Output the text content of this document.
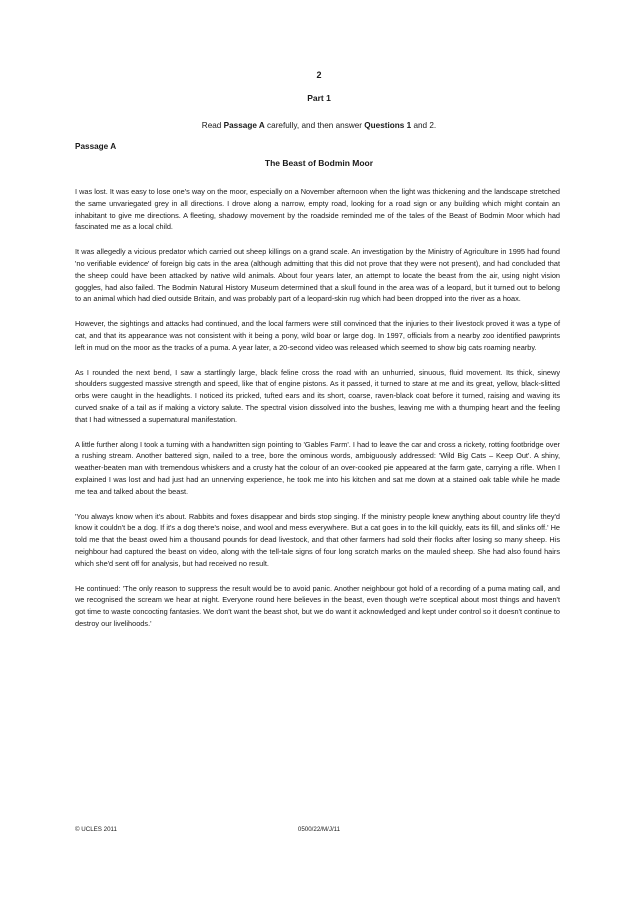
2
Part 1
Read Passage A carefully, and then answer Questions 1 and 2.
Passage A
The Beast of Bodmin Moor

I was lost. It was easy to lose one's way on the moor, especially on a November afternoon when the light was thickening and the landscape stretched the same unvariegated grey in all directions. I drove along a narrow, empty road, looking for a road sign or any building which might contain an inhabitant to give me directions. A fleeting, shadowy movement by the roadside reminded me of the tales of the Beast of Bodmin Moor which had fascinated me as a local child.

It was allegedly a vicious predator which carried out sheep killings on a grand scale. An investigation by the Ministry of Agriculture in 1995 had found 'no verifiable evidence' of foreign big cats in the area (although admitting that this did not prove that they were not present), and had concluded that the sheep could have been attacked by native wild animals. About four years later, an attempt to locate the beast from the air, using night vision goggles, had also failed. The Bodmin Natural History Museum determined that a skull found in the area was of a leopard, but it turned out to belong to an animal which had died outside Britain, and was probably part of a leopard-skin rug which had been dropped into the river as a hoax.

However, the sightings and attacks had continued, and the local farmers were still convinced that the injuries to their livestock proved it was a type of cat, and that its appearance was not consistent with it being a pony, wild boar or large dog. In 1997, officials from a nearby zoo identified pawprints left in mud on the moor as the tracks of a puma. A year later, a 20-second video was released which seemed to show big cats roaming nearby.

As I rounded the next bend, I saw a startlingly large, black feline cross the road with an unhurried, sinuous, fluid movement. Its thick, sinewy shoulders suggested massive strength and speed, like that of engine pistons. As it passed, it turned to stare at me and its great, yellow, black-slitted orbs were caught in the headlights. I noticed its pricked, tufted ears and its short, coarse, raven-black coat before it turned, raising and waving its curved snake of a tail as if making a victory salute. The spectral vision dissolved into the bushes, leaving me with a thumping heart and the feeling that I had witnessed a supernatural manifestation.

A little further along I took a turning with a handwritten sign pointing to 'Gables Farm'. I had to leave the car and cross a rickety, rotting footbridge over a rushing stream. Another battered sign, nailed to a tree, bore the ominous words, ambiguously addressed: 'Wild Big Cats – Keep Out'. A shiny, weather-beaten man with tremendous whiskers and a crusty hat the colour of an over-cooked pie appeared at the farm gate, carrying a rifle. When I explained I was lost and had just had an unnerving experience, he took me into his kitchen and sat me down at a stained oak table while he made me tea and talked about the beast.

'You always know when it's about. Rabbits and foxes disappear and birds stop singing. If the ministry people knew anything about country life they'd know it couldn't be a dog. If it's a dog there's noise, and wool and mess everywhere. But a cat goes in to the kill quickly, eats its fill, and slinks off.' He told me that the beast owed him a thousand pounds for dead livestock, and that other farmers had sold their flocks after losing so many sheep. His neighbour had captured the beast on video, along with the tell-tale signs of four long scratch marks on the mauled sheep. She had also found hairs which she'd sent off for analysis, but had received no result.

He continued: 'The only reason to suppress the result would be to avoid panic. Another neighbour got hold of a recording of a puma mating call, and we recognised the scream we hear at night. Everyone round here believes in the beast, even though we're sceptical about most things and haven't got time to waste concocting fantasies. We don't want the beast shot, but we do want it acknowledged and kept under control so it doesn't continue to destroy our livelihoods.'

© UCLES 2011	0500/22/M/J/11
